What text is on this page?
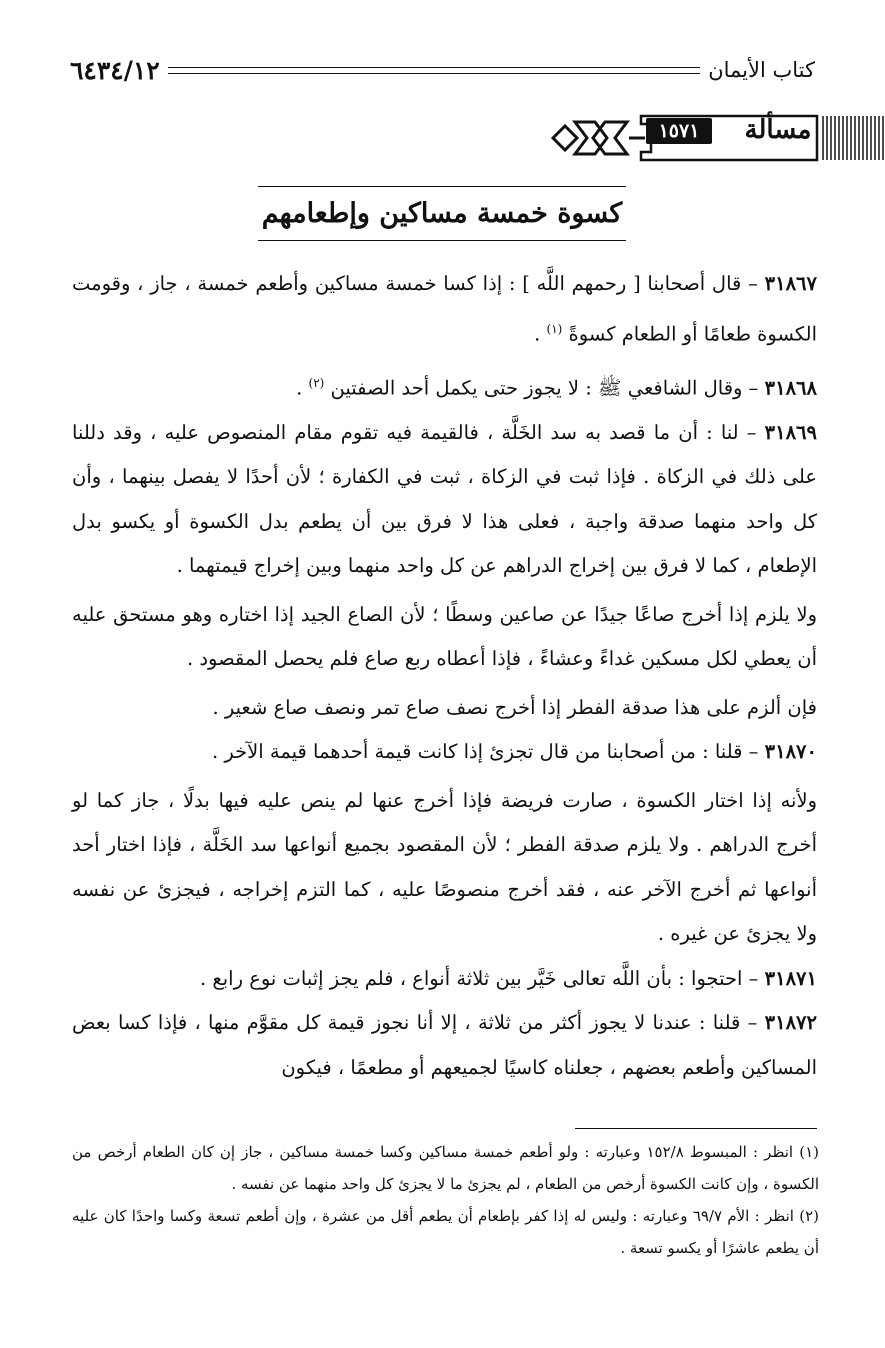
كتاب الأيمان
٦٤٣٤/١٢
مسألة
١٥٧١
كسوة خمسة مساكين وإطعامهم

٣١٨٦٧ – قال أصحابنا [ رحمهم اللَّه ] : إذا كسا خمسة مساكين وأطعم خمسة ، جاز ، وقومت الكسوة طعامًا أو الطعام كسوةً $^{(١)}$ .

٣١٨٦٨ – وقال الشافعي ﷺ : لا يجوز حتى يكمل أحد الصفتين $^{(٢)}$ .

٣١٨٦٩ – لنا : أن ما قصد به سد الخَلَّة ، فالقيمة فيه تقوم مقام المنصوص عليه ، وقد دللنا على ذلك في الزكاة . فإذا ثبت في الزكاة ، ثبت في الكفارة ؛ لأن أحدًا لا يفصل بينهما ، وأن كل واحد منهما صدقة واجبة ، فعلى هذا لا فرق بين أن يطعم بدل الكسوة أو يكسو بدل الإطعام ، كما لا فرق بين إخراج الدراهم عن كل واحد منهما وبين إخراج قيمتهما .

ولا يلزم إذا أخرج صاعًا جيدًا عن صاعين وسطًا ؛ لأن الصاع الجيد إذا اختاره وهو مستحق عليه أن يعطي لكل مسكين غداءً وعشاءً ، فإذا أعطاه ربع صاع فلم يحصل المقصود .

فإن ألزم على هذا صدقة الفطر إذا أخرج نصف صاع تمر ونصف صاع شعير .

٣١٨٧٠ – قلنا : من أصحابنا من قال تجزئ إذا كانت قيمة أحدهما قيمة الآخر .

ولأنه إذا اختار الكسوة ، صارت فريضة فإذا أخرج عنها لم ينص عليه فيها بدلًا ، جاز كما لو أخرج الدراهم . ولا يلزم صدقة الفطر ؛ لأن المقصود بجميع أنواعها سد الخَلَّة ، فإذا اختار أحد أنواعها ثم أخرج الآخر عنه ، فقد أخرج منصوصًا عليه ، كما التزم إخراجه ، فيجزئ عن نفسه ولا يجزئ عن غيره .

٣١٨٧١ – احتجوا : بأن اللَّه تعالى خَيَّر بين ثلاثة أنواع ، فلم يجز إثبات نوع رابع .

٣١٨٧٢ – قلنا : عندنا لا يجوز أكثر من ثلاثة ، إلا أنا نجوز قيمة كل مقوَّم منها ، فإذا كسا بعض المساكين وأطعم بعضهم ، جعلناه كاسيًا لجميعهم أو مطعمًا ، فيكون

(١) انظر : المبسوط ١٥٢/٨ وعبارته : ولو أطعم خمسة مساكين وكسا خمسة مساكين ، جاز إن كان الطعام أرخص من الكسوة ، وإن كانت الكسوة أرخص من الطعام ، لم يجزئ ما لا يجزئ كل واحد منهما عن نفسه .

(٢) انظر : الأم ٦٩/٧ وعبارته : وليس له إذا كفر بإطعام أن يطعم أقل من عشرة ، وإن أطعم تسعة وكسا واحدًا كان عليه أن يطعم عاشرًا أو يكسو تسعة .
